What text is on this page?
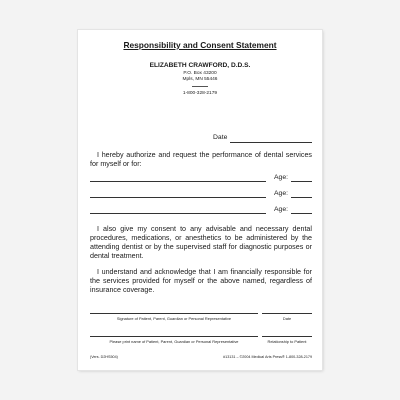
Responsibility and Consent Statement
ELIZABETH CRAWFORD, D.D.S.
P.O. Box 43200
Mpls, MN 55446
1-800-328-2179
Date

I hereby authorize and request the performance of dental services for myself or for:

Age:
Age:
Age:

I also give my consent to any advisable and necessary dental procedures, medications, or anesthetics to be administered by the attending dentist or by the supervised staff for diagnostic purposes or dental treatment.

I understand and acknowledge that I am financially responsible for the services provided for myself or the above named, regardless of insurance coverage.

Signature of Patient, Parent, Guardian or Personal Representative	Date
Please print name of Patient, Parent, Guardian or Personal Representative	Relationship to Patient
(Vers. D2HS504)	#13131 – ©2004 Medical Arts Press® 1-800-328-2179
